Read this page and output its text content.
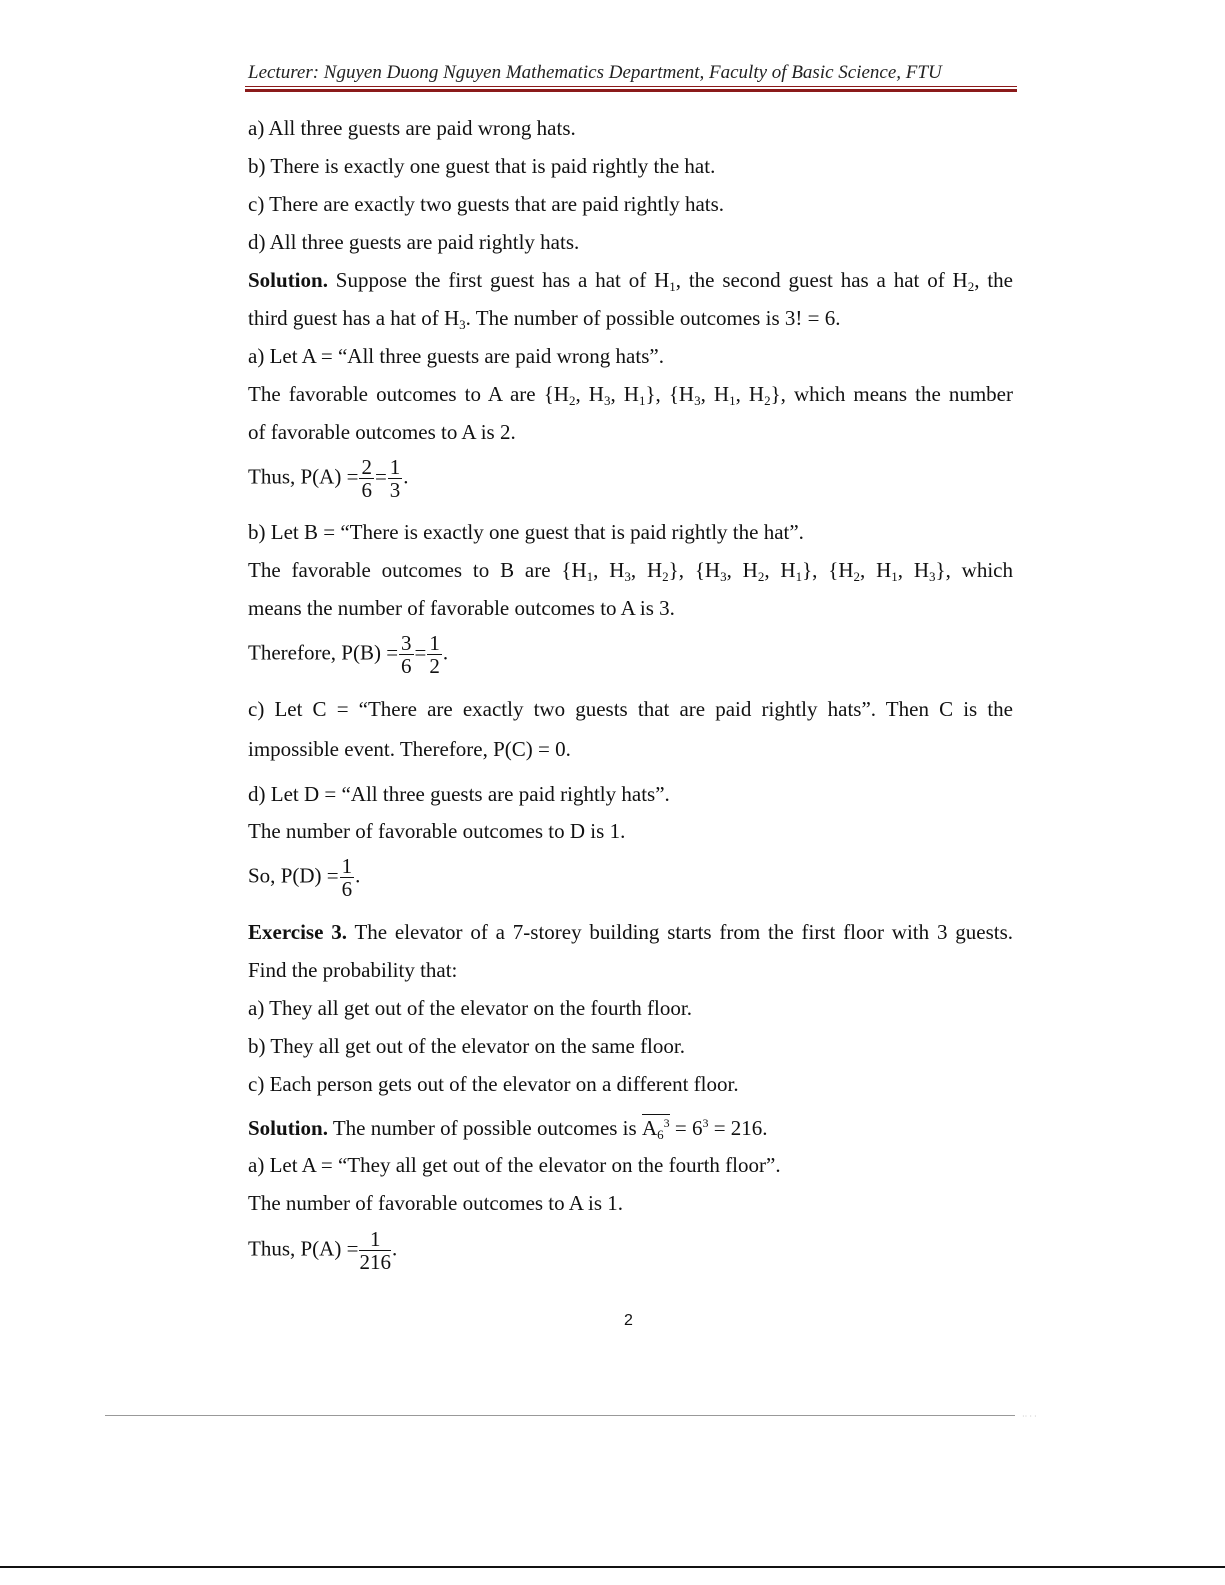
Lecturer: Nguyen Duong Nguyen Mathematics Department, Faculty of Basic Science, FTU
a) All three guests are paid wrong hats.
b) There is exactly one guest that is paid rightly the hat.
c) There are exactly two guests that are paid rightly hats.
d) All three guests are paid rightly hats.
Solution. Suppose the first guest has a hat of $H_1$, the second guest has a hat of $H_2$, the
third guest has a hat of $H_3$. The number of possible outcomes is 3! = 6.
a) Let A = “All three guests are paid wrong hats”.
The favorable outcomes to A are {$H_2$, $H_3$, $H_1$}, {$H_3$, $H_1$, $H_2$}, which means the number
of favorable outcomes to A is 2.
Thus, $P(A) = \frac{2}{6} = \frac{1}{3}$ .
b) Let B = “There is exactly one guest that is paid rightly the hat”.
The favorable outcomes to B are {$H_1$, $H_3$, $H_2$}, {$H_3$, $H_2$, $H_1$}, {$H_2$, $H_1$, $H_3$}, which
means the number of favorable outcomes to A is 3.
Therefore, $P(B) = \frac{3}{6} = \frac{1}{2}$ .
c) Let C = “There are exactly two guests that are paid rightly hats”. Then C is the
impossible event. Therefore, P(C) = 0.
d) Let D = “All three guests are paid rightly hats”.
The number of favorable outcomes to D is 1.
So, $P(D) = \frac{1}{6}$ .
Exercise 3. The elevator of a 7-storey building starts from the first floor with 3 guests.
Find the probability that:
a) They all get out of the elevator on the fourth floor.
b) They all get out of the elevator on the same floor.
c) Each person gets out of the elevator on a different floor.
Solution. The number of possible outcomes is
$A_6^3 = 6^3 = 216$.
a) Let A = “They all get out of the elevator on the fourth floor”.
The number of favorable outcomes to A is 1.
Thus, $P(A) = \frac{1}{216}$ .
2
·· · ·
